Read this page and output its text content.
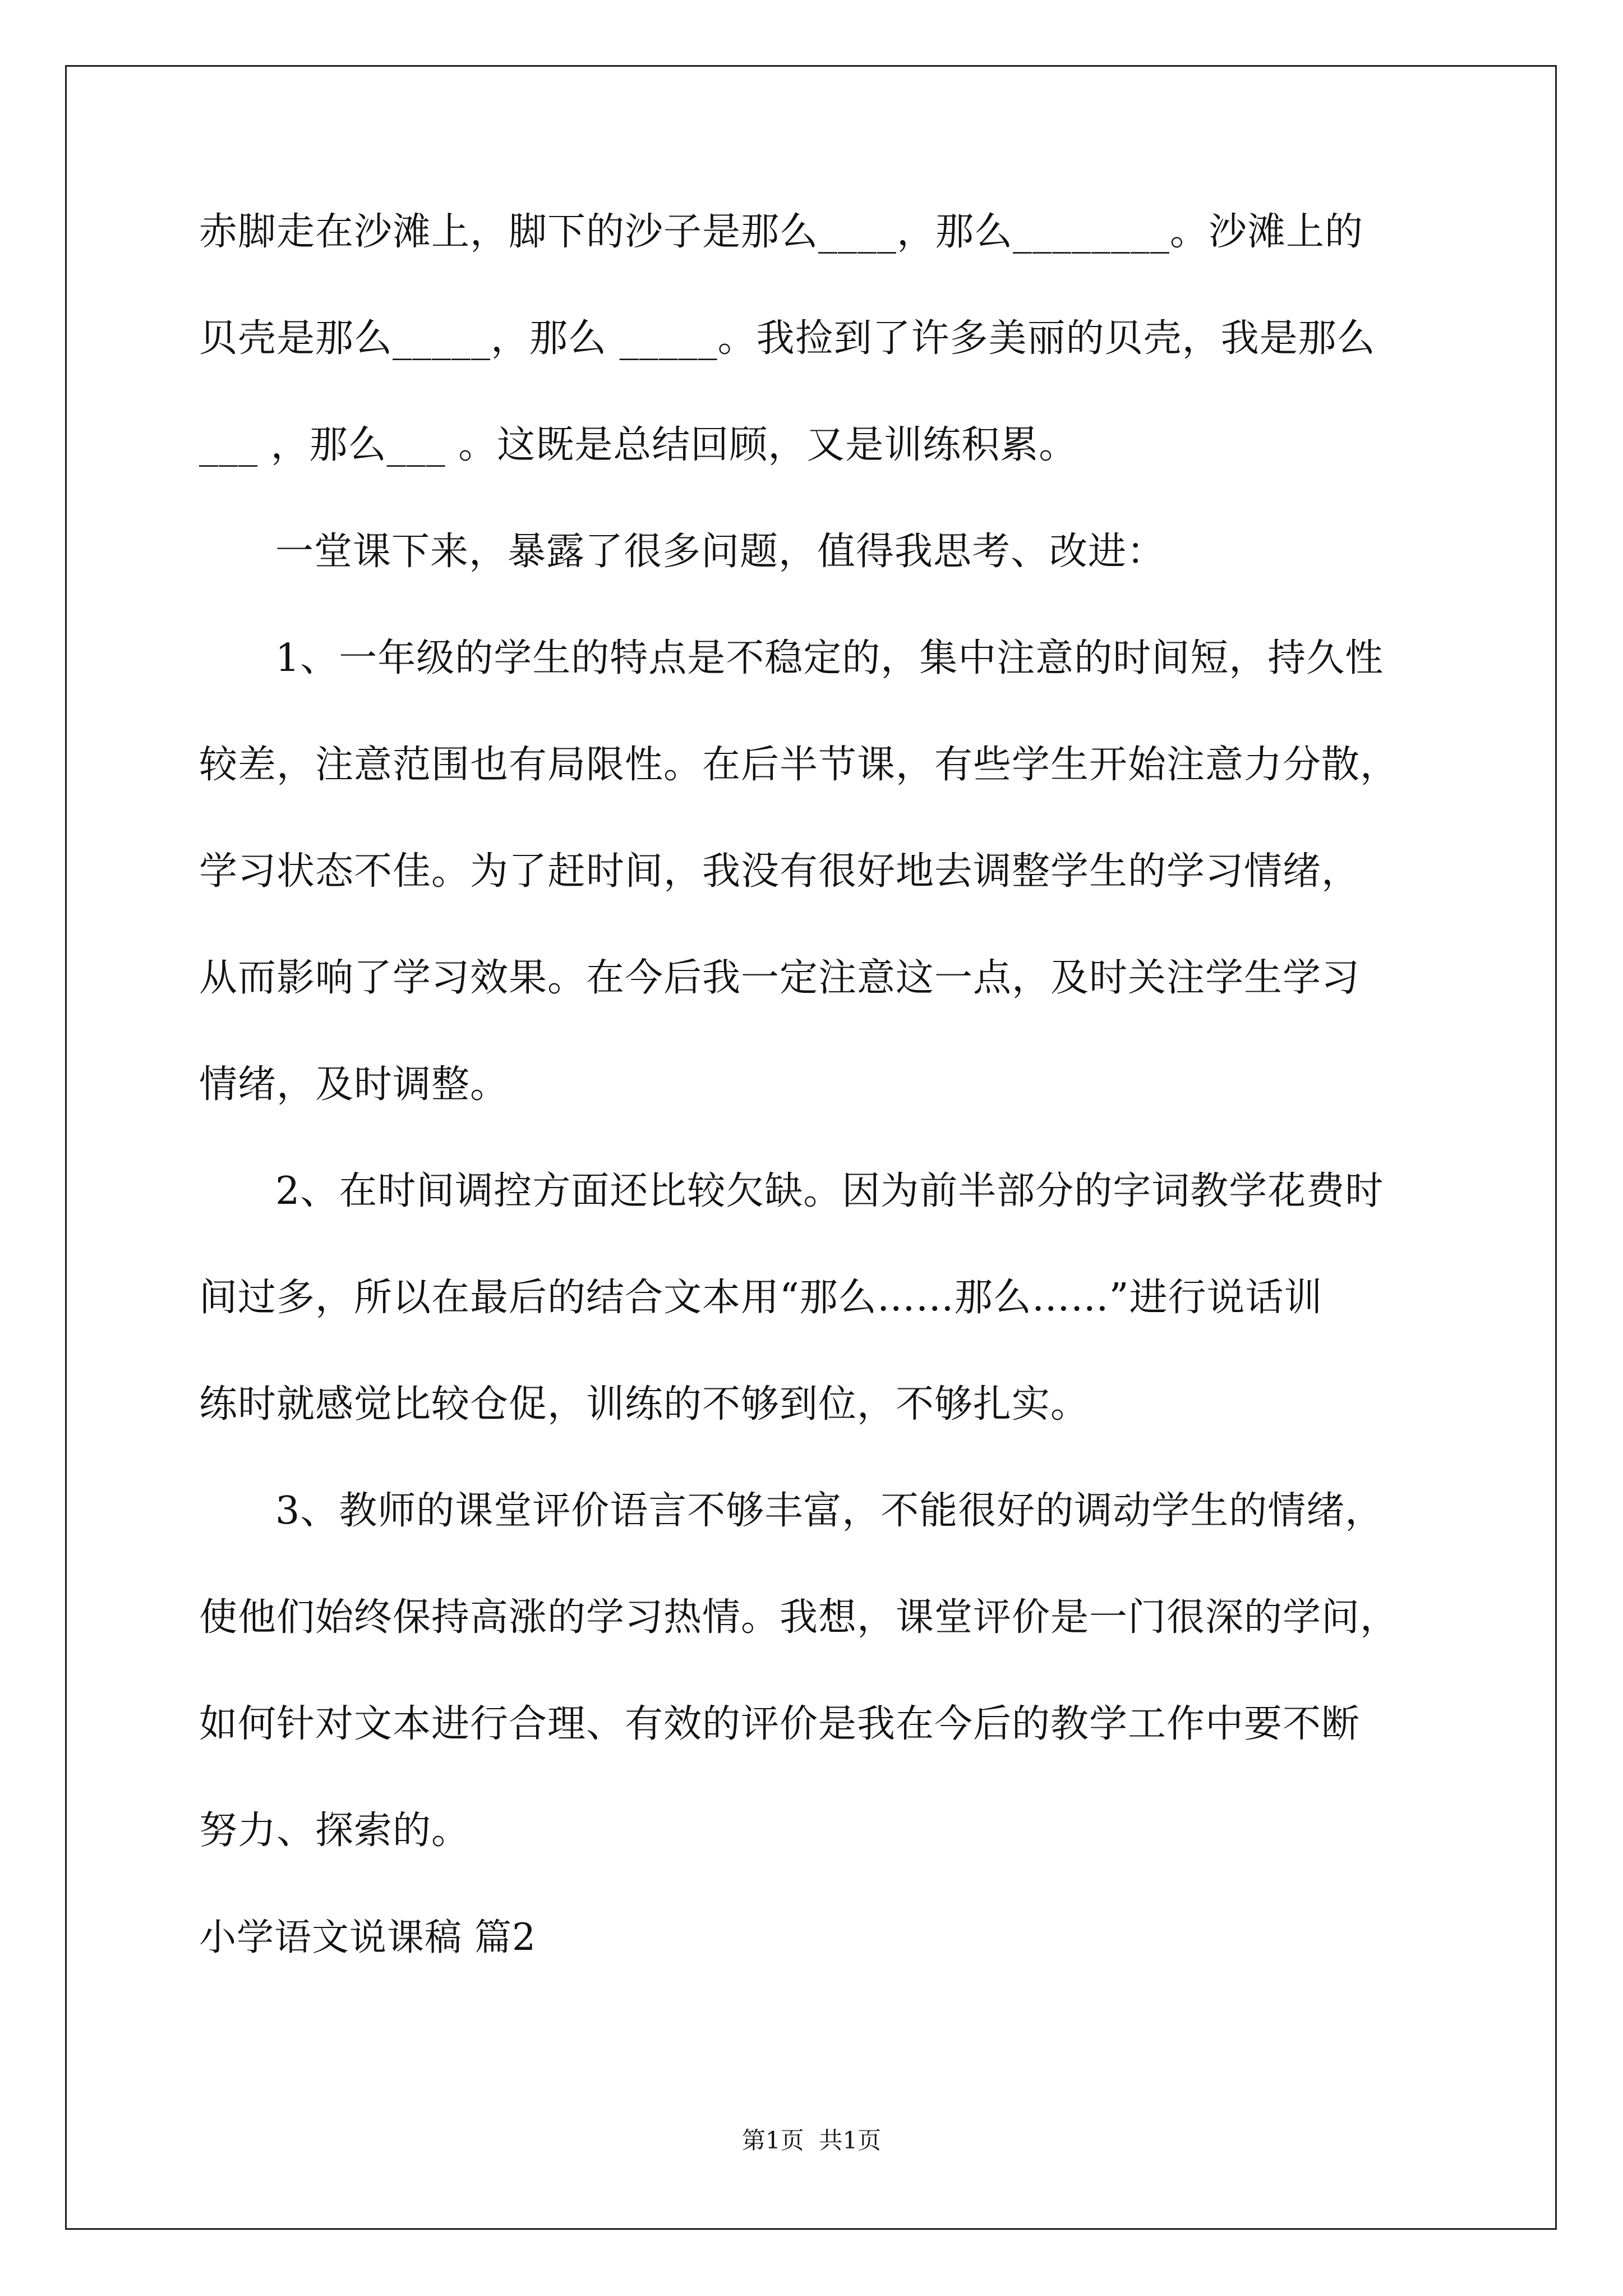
赤脚走在沙滩上，脚下的沙子是那么____，那么________。沙滩上的
贝壳是那么_____，那么 _____。我捡到了许多美丽的贝壳，我是那么
___ ，那么___ 。这既是总结回顾，又是训练积累。
一堂课下来，暴露了很多问题，值得我思考、改进：
1、一年级的学生的特点是不稳定的，集中注意的时间短，持久性
较差，注意范围也有局限性。在后半节课，有些学生开始注意力分散，
学习状态不佳。为了赶时间，我没有很好地去调整学生的学习情绪，
从而影响了学习效果。在今后我一定注意这一点，及时关注学生学习
情绪，及时调整。
2、在时间调控方面还比较欠缺。因为前半部分的字词教学花费时
间过多，所以在最后的结合文本用“那么……那么……”进行说话训
练时就感觉比较仓促，训练的不够到位，不够扎实。
3、教师的课堂评价语言不够丰富，不能很好的调动学生的情绪，
使他们始终保持高涨的学习热情。我想，课堂评价是一门很深的学问，
如何针对文本进行合理、有效的评价是我在今后的教学工作中要不断
努力、探索的。
小学语文说课稿 篇2
第1页  共1页
